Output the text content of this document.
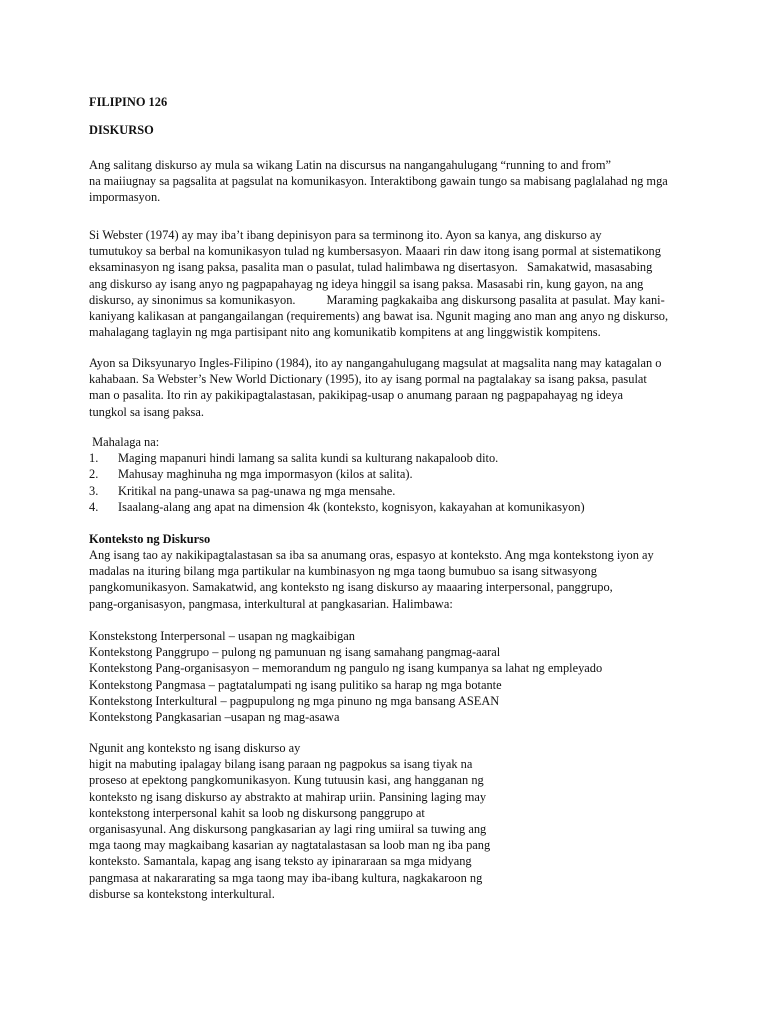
FILIPINO 126
DISKURSO
Ang salitang diskurso ay mula sa wikang Latin na discursus na nangangahulugang “running to and from”
na maiiugnay sa pagsalita at pagsulat na komunikasyon. Interaktibong gawain tungo sa mabisang paglalahad ng mga
impormasyon.
Si Webster (1974) ay may iba’t ibang depinisyon para sa terminong ito. Ayon sa kanya, ang diskurso ay
tumutukoy sa berbal na komunikasyon tulad ng kumbersasyon. Maaari rin daw itong isang pormal at sistematikong
eksaminasyon ng isang paksa, pasalita man o pasulat, tulad halimbawa ng disertasyon.   Samakatwid, masasabing
ang diskurso ay isang anyo ng pagpapahayag ng ideya hinggil sa isang paksa. Masasabi rin, kung gayon, na ang
diskurso, ay sinonimus sa komunikasyon.          Maraming pagkakaiba ang diskursong pasalita at pasulat. May kani-
kaniyang kalikasan at pangangailangan (requirements) ang bawat isa. Ngunit maging ano man ang anyo ng diskurso,
mahalagang taglayin ng mga partisipant nito ang komunikatib kompitens at ang linggwistik kompitens.
Ayon sa Diksyunaryo Ingles-Filipino (1984), ito ay nangangahulugang magsulat at magsalita nang may katagalan o
kahabaan. Sa Webster’s New World Dictionary (1995), ito ay isang pormal na pagtalakay sa isang paksa, pasulat
man o pasalita. Ito rin ay pakikipagtalastasan, pakikipag-usap o anumang paraan ng pagpapahayag ng ideya
tungkol sa isang paksa.
Mahalaga na:
1. Maging mapanuri hindi lamang sa salita kundi sa kulturang nakapaloob dito.
2. Mahusay maghinuha ng mga impormasyon (kilos at salita).
3. Kritikal na pang-unawa sa pag-unawa ng mga mensahe.
4. Isaalang-alang ang apat na dimension 4k (konteksto, kognisyon, kakayahan at komunikasyon)
Konteksto ng Diskurso
Ang isang tao ay nakikipagtalastasan sa iba sa anumang oras, espasyo at konteksto. Ang mga kontekstong iyon ay
madalas na ituring bilang mga partikular na kumbinasyon ng mga taong bumubuo sa isang sitwasyong
pangkomunikasyon. Samakatwid, ang konteksto ng isang diskurso ay maaaring interpersonal, panggrupo,
pang-organisasyon, pangmasa, interkultural at pangkasarian. Halimbawa:
Konstekstong Interpersonal – usapan ng magkaibigan
Kontekstong Panggrupo – pulong ng pamunuan ng isang samahang pangmag-aaral
Kontekstong Pang-organisasyon – memorandum ng pangulo ng isang kumpanya sa lahat ng empleyado
Kontekstong Pangmasa – pagtatalumpati ng isang pulitiko sa harap ng mga botante
Kontekstong Interkultural – pagpupulong ng mga pinuno ng mga bansang ASEAN
Kontekstong Pangkasarian –usapan ng mag-asawa
Ngunit ang konteksto ng isang diskurso ay
higit na mabuting ipalagay bilang isang paraan ng pagpokus sa isang tiyak na
proseso at epektong pangkomunikasyon. Kung tutuusin kasi, ang hangganan ng
konteksto ng isang diskurso ay abstrakto at mahirap uriin. Pansining laging may
kontekstong interpersonal kahit sa loob ng diskursong panggrupo at
organisasyunal. Ang diskursong pangkasarian ay lagi ring umiiral sa tuwing ang
mga taong may magkaibang kasarian ay nagtatalastasan sa loob man ng iba pang
konteksto. Samantala, kapag ang isang teksto ay ipinararaan sa mga midyang
pangmasa at nakararating sa mga taong may iba-ibang kultura, nagkakaroon ng
disburse sa kontekstong interkultural.
